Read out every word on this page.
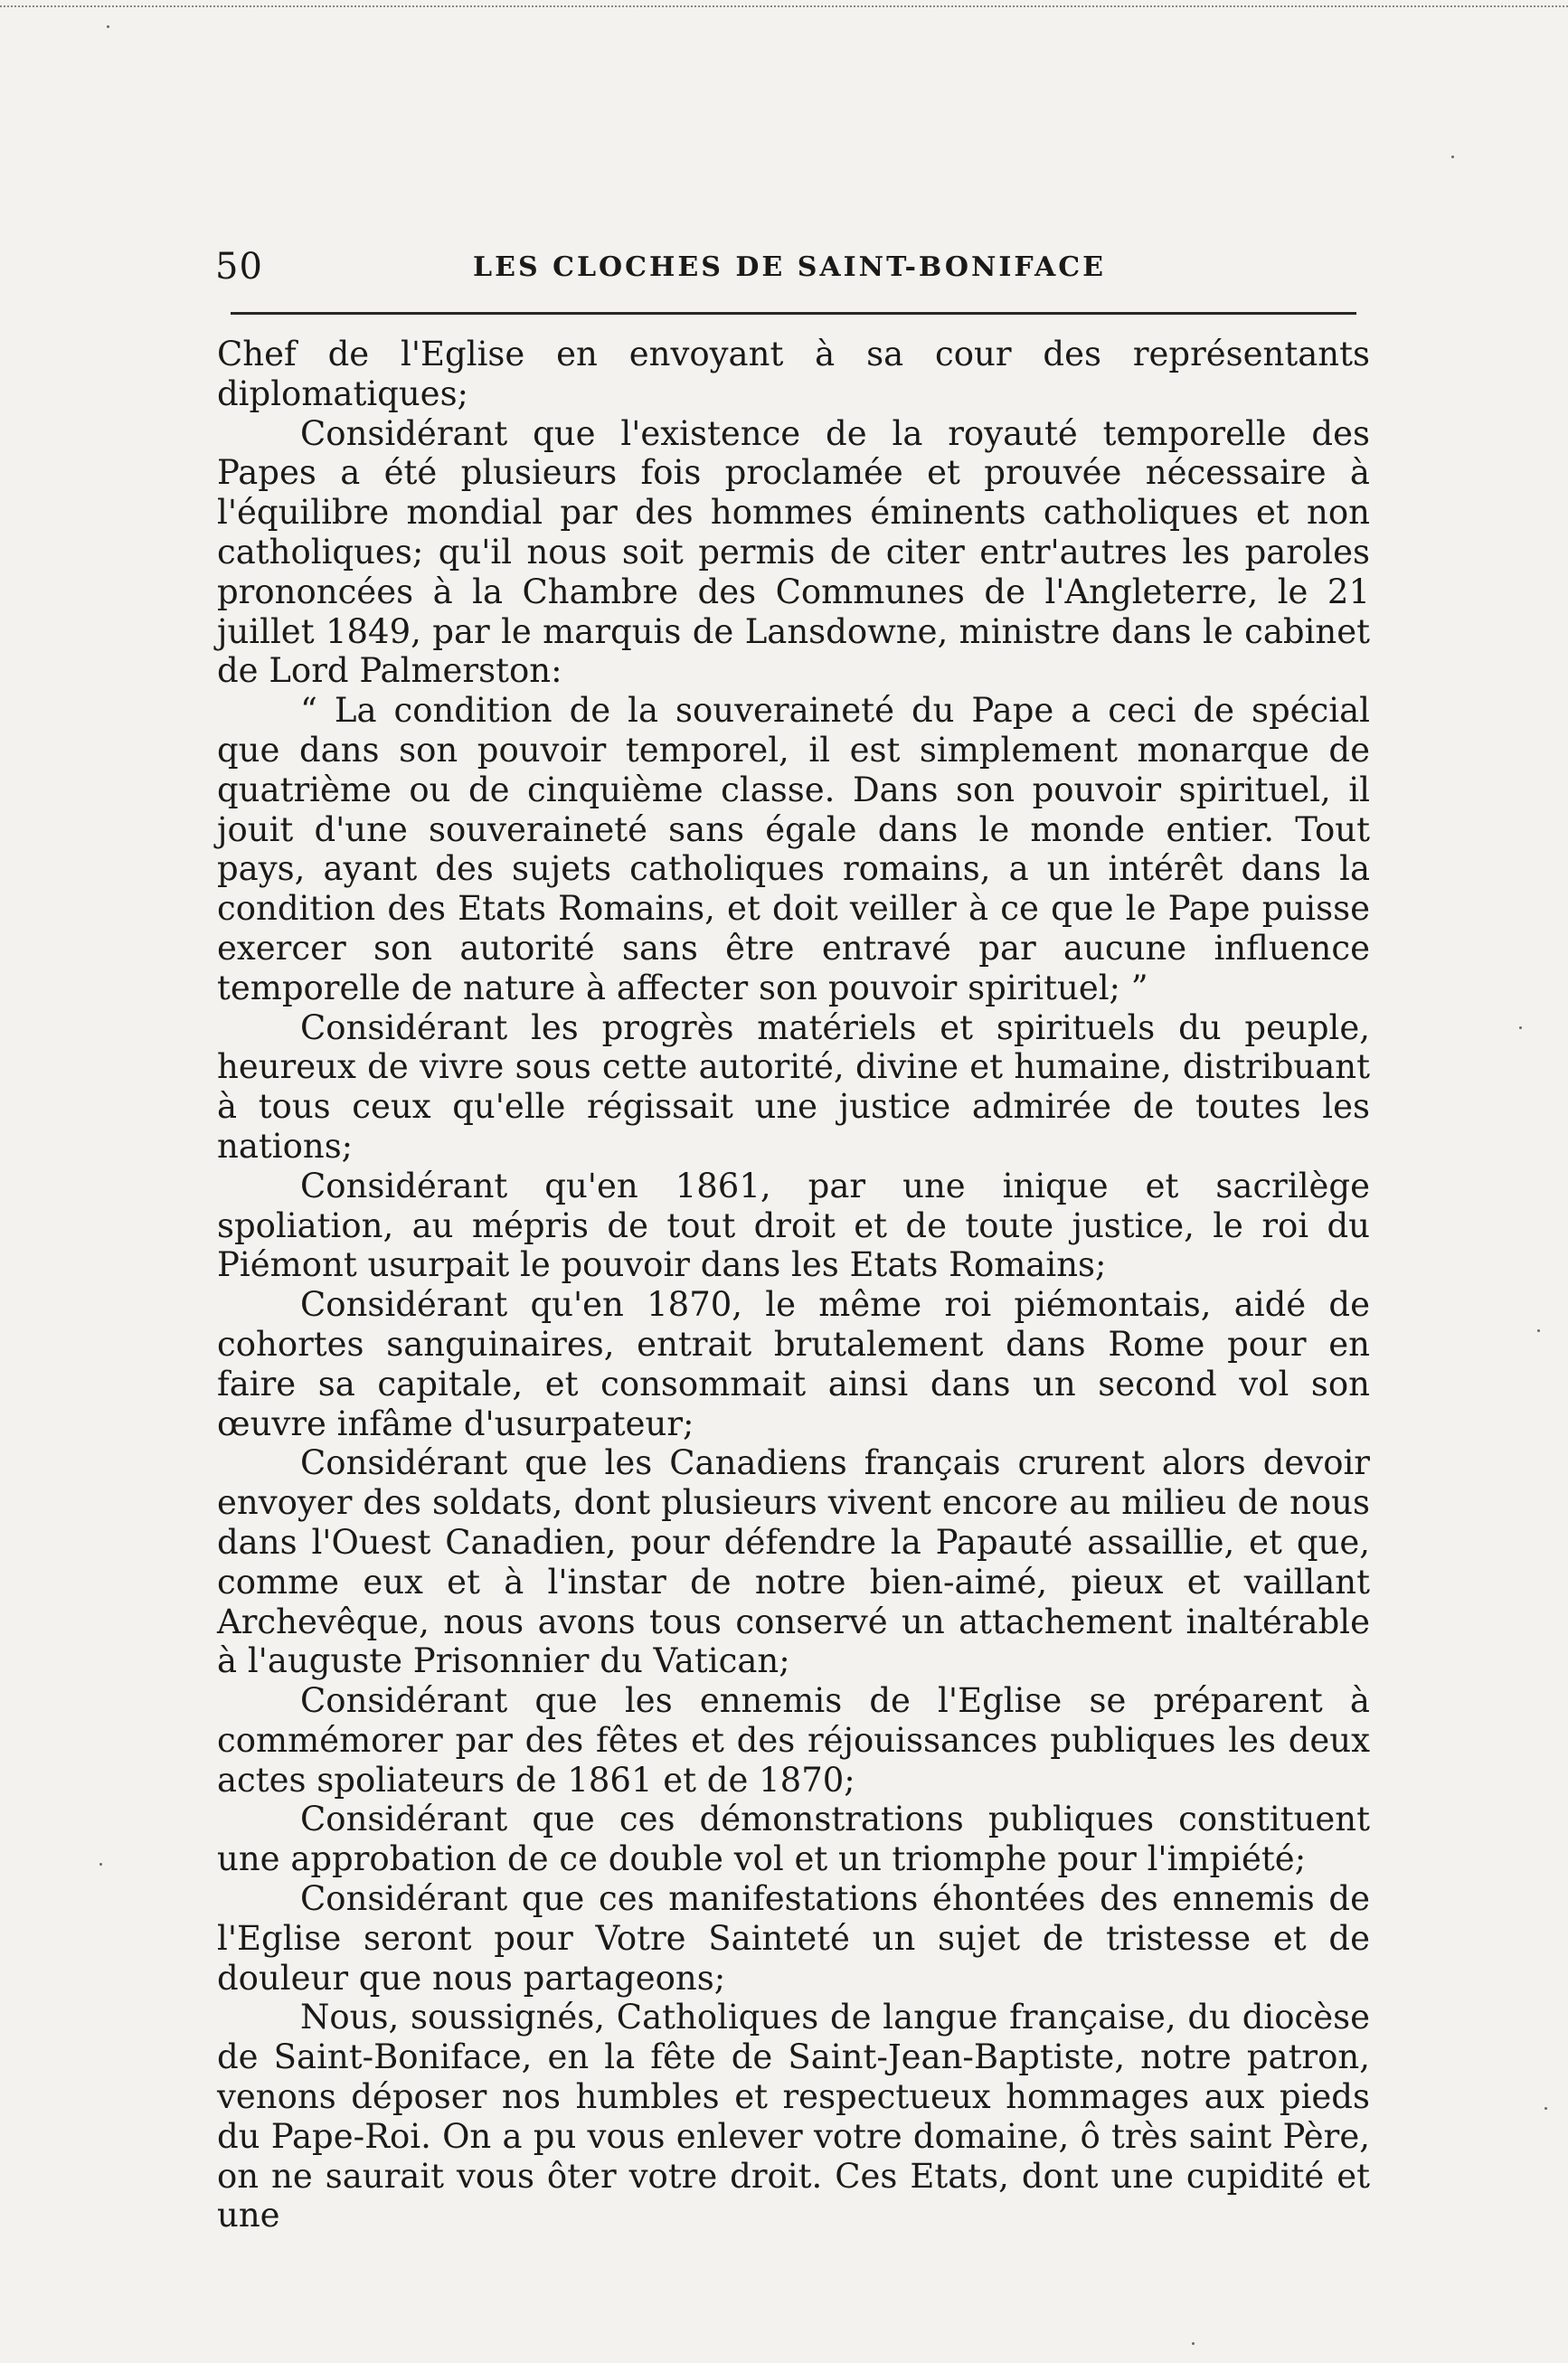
50	LES CLOCHES DE SAINT-BONIFACE

Chef de l'Eglise en envoyant à sa cour des représentants diplomatiques;

Considérant que l'existence de la royauté temporelle des Papes a été plusieurs fois proclamée et prouvée nécessaire à l'équilibre mondial par des hommes éminents catholiques et non catholiques; qu'il nous soit permis de citer entr'autres les paroles prononcées à la Chambre des Communes de l'Angleterre, le 21 juillet 1849, par le marquis de Lansdowne, ministre dans le cabinet de Lord Palmerston:

“ La condition de la souveraineté du Pape a ceci de spécial que dans son pouvoir temporel, il est simplement monarque de quatrième ou de cinquième classe. Dans son pouvoir spirituel, il jouit d'une souveraineté sans égale dans le monde entier. Tout pays, ayant des sujets catholiques romains, a un intérêt dans la condition des Etats Romains, et doit veiller à ce que le Pape puisse exercer son autorité sans être entravé par aucune influence temporelle de nature à affecter son pouvoir spirituel; ”

Considérant les progrès matériels et spirituels du peuple, heureux de vivre sous cette autorité, divine et humaine, distribuant à tous ceux qu'elle régissait une justice admirée de toutes les nations;

Considérant qu'en 1861, par une inique et sacrilège spoliation, au mépris de tout droit et de toute justice, le roi du Piémont usurpait le pouvoir dans les Etats Romains;

Considérant qu'en 1870, le même roi piémontais, aidé de cohortes sanguinaires, entrait brutalement dans Rome pour en faire sa capitale, et consommait ainsi dans un second vol son œuvre infâme d'usurpateur;

Considérant que les Canadiens français crurent alors devoir envoyer des soldats, dont plusieurs vivent encore au milieu de nous dans l'Ouest Canadien, pour défendre la Papauté assaillie, et que, comme eux et à l'instar de notre bien-aimé, pieux et vaillant Archevêque, nous avons tous conservé un attachement inaltérable à l'auguste Prisonnier du Vatican;

Considérant que les ennemis de l'Eglise se préparent à commémorer par des fêtes et des réjouissances publiques les deux actes spoliateurs de 1861 et de 1870;

Considérant que ces démonstrations publiques constituent une approbation de ce double vol et un triomphe pour l'impiété;

Considérant que ces manifestations éhontées des ennemis de l'Eglise seront pour Votre Sainteté un sujet de tristesse et de douleur que nous partageons;

Nous, soussignés, Catholiques de langue française, du diocèse de Saint-Boniface, en la fête de Saint-Jean-Baptiste, notre patron, venons déposer nos humbles et respectueux hommages aux pieds du Pape-Roi. On a pu vous enlever votre domaine, ô très saint Père, on ne saurait vous ôter votre droit. Ces Etats, dont une cupidité et une
